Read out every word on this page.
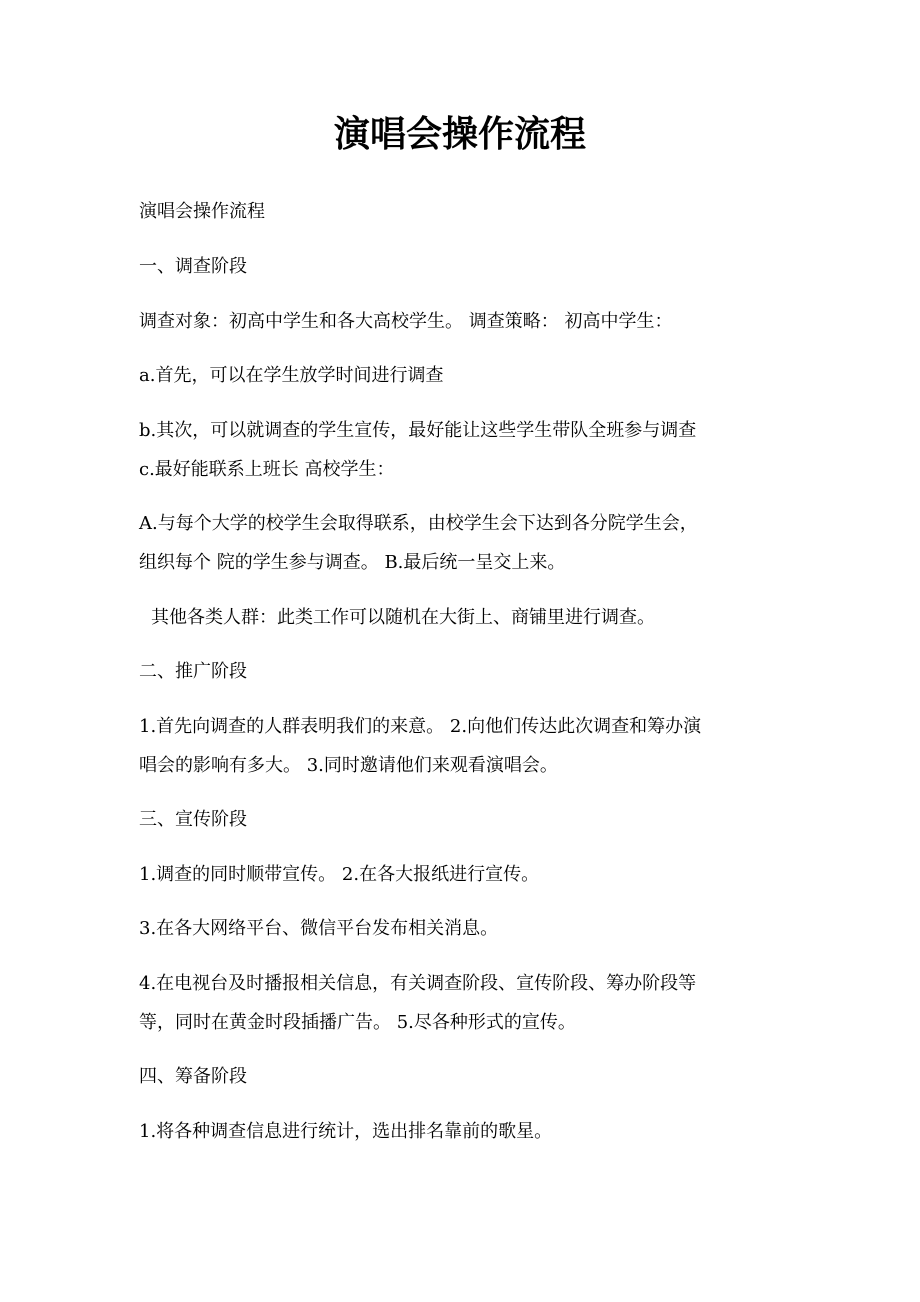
演唱会操作流程

演唱会操作流程

一、调查阶段

调查对象：初高中学生和各大高校学生。 调查策略： 初高中学生：

a.首先，可以在学生放学时间进行调查

b.其次，可以就调查的学生宣传，最好能让这些学生带队全班参与调查

c.最好能联系上班长 高校学生：

A.与每个大学的校学生会取得联系，由校学生会下达到各分院学生会，

组织每个 院的学生参与调查。 B.最后统一呈交上来。

其他各类人群：此类工作可以随机在大街上、商铺里进行调查。

二、推广阶段

1.首先向调查的人群表明我们的来意。 2.向他们传达此次调查和筹办演

唱会的影响有多大。 3.同时邀请他们来观看演唱会。

三、宣传阶段

1.调查的同时顺带宣传。 2.在各大报纸进行宣传。

3.在各大网络平台、微信平台发布相关消息。

4.在电视台及时播报相关信息，有关调查阶段、宣传阶段、筹办阶段等

等，同时在黄金时段插播广告。 5.尽各种形式的宣传。

四、筹备阶段

1.将各种调查信息进行统计，选出排名靠前的歌星。
